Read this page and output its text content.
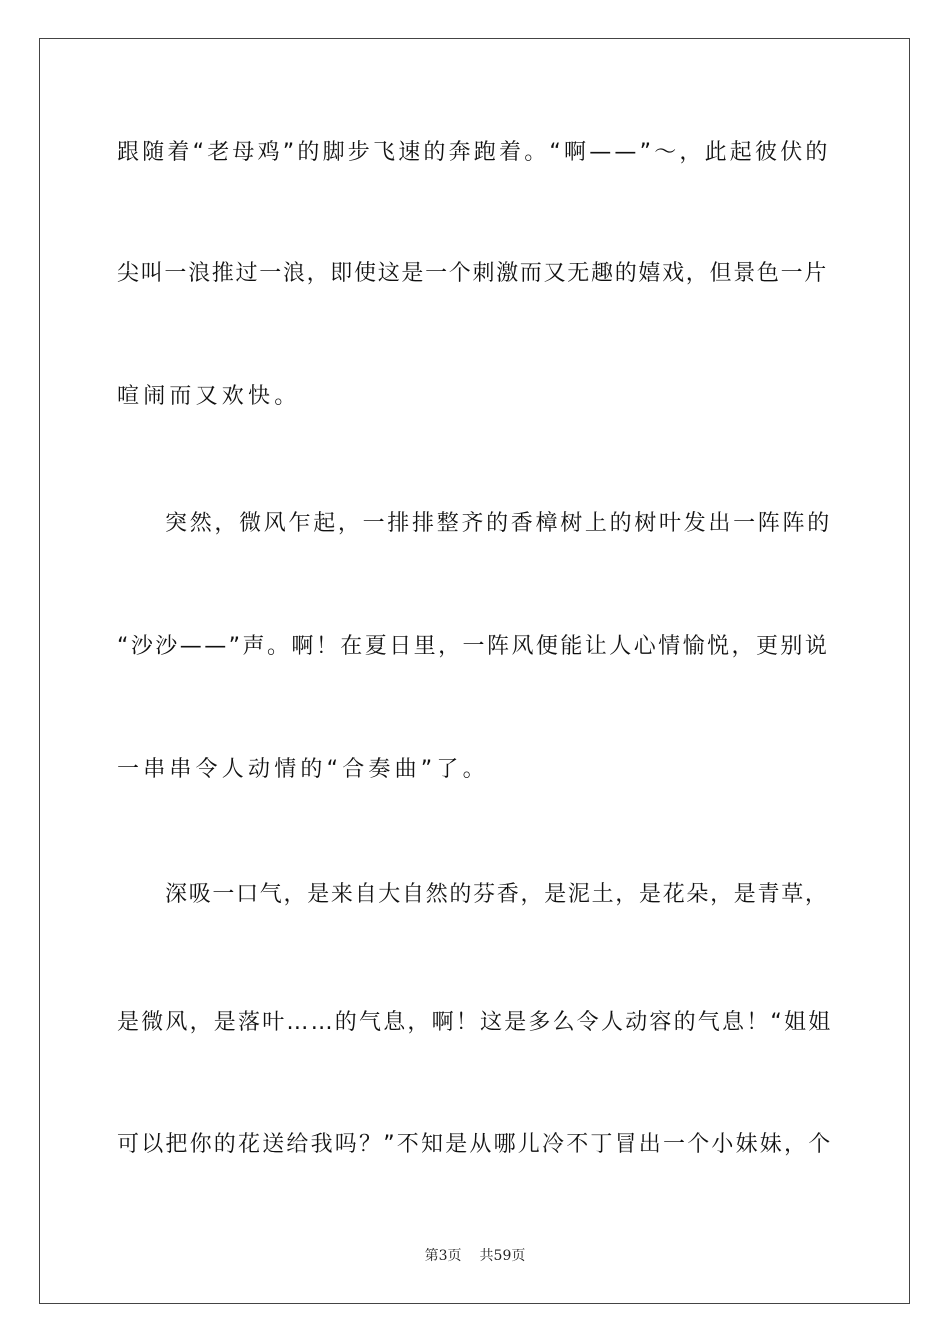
跟随着“老母鸡”的脚步飞速的奔跑着。“啊——”～，此起彼伏的
尖叫一浪推过一浪，即使这是一个刺激而又无趣的嬉戏，但景色一片
喧闹而又欢快。
突然，微风乍起，一排排整齐的香樟树上的树叶发出一阵阵的
“沙沙——”声。啊！在夏日里，一阵风便能让人心情愉悦，更别说
一串串令人动情的“合奏曲”了。
深吸一口气，是来自大自然的芬香，是泥土，是花朵，是青草，
是微风，是落叶……的气息，啊！这是多么令人动容的气息！“姐姐
可以把你的花送给我吗？”不知是从哪儿冷不丁冒出一个小妹妹，个
第3页 共59页
